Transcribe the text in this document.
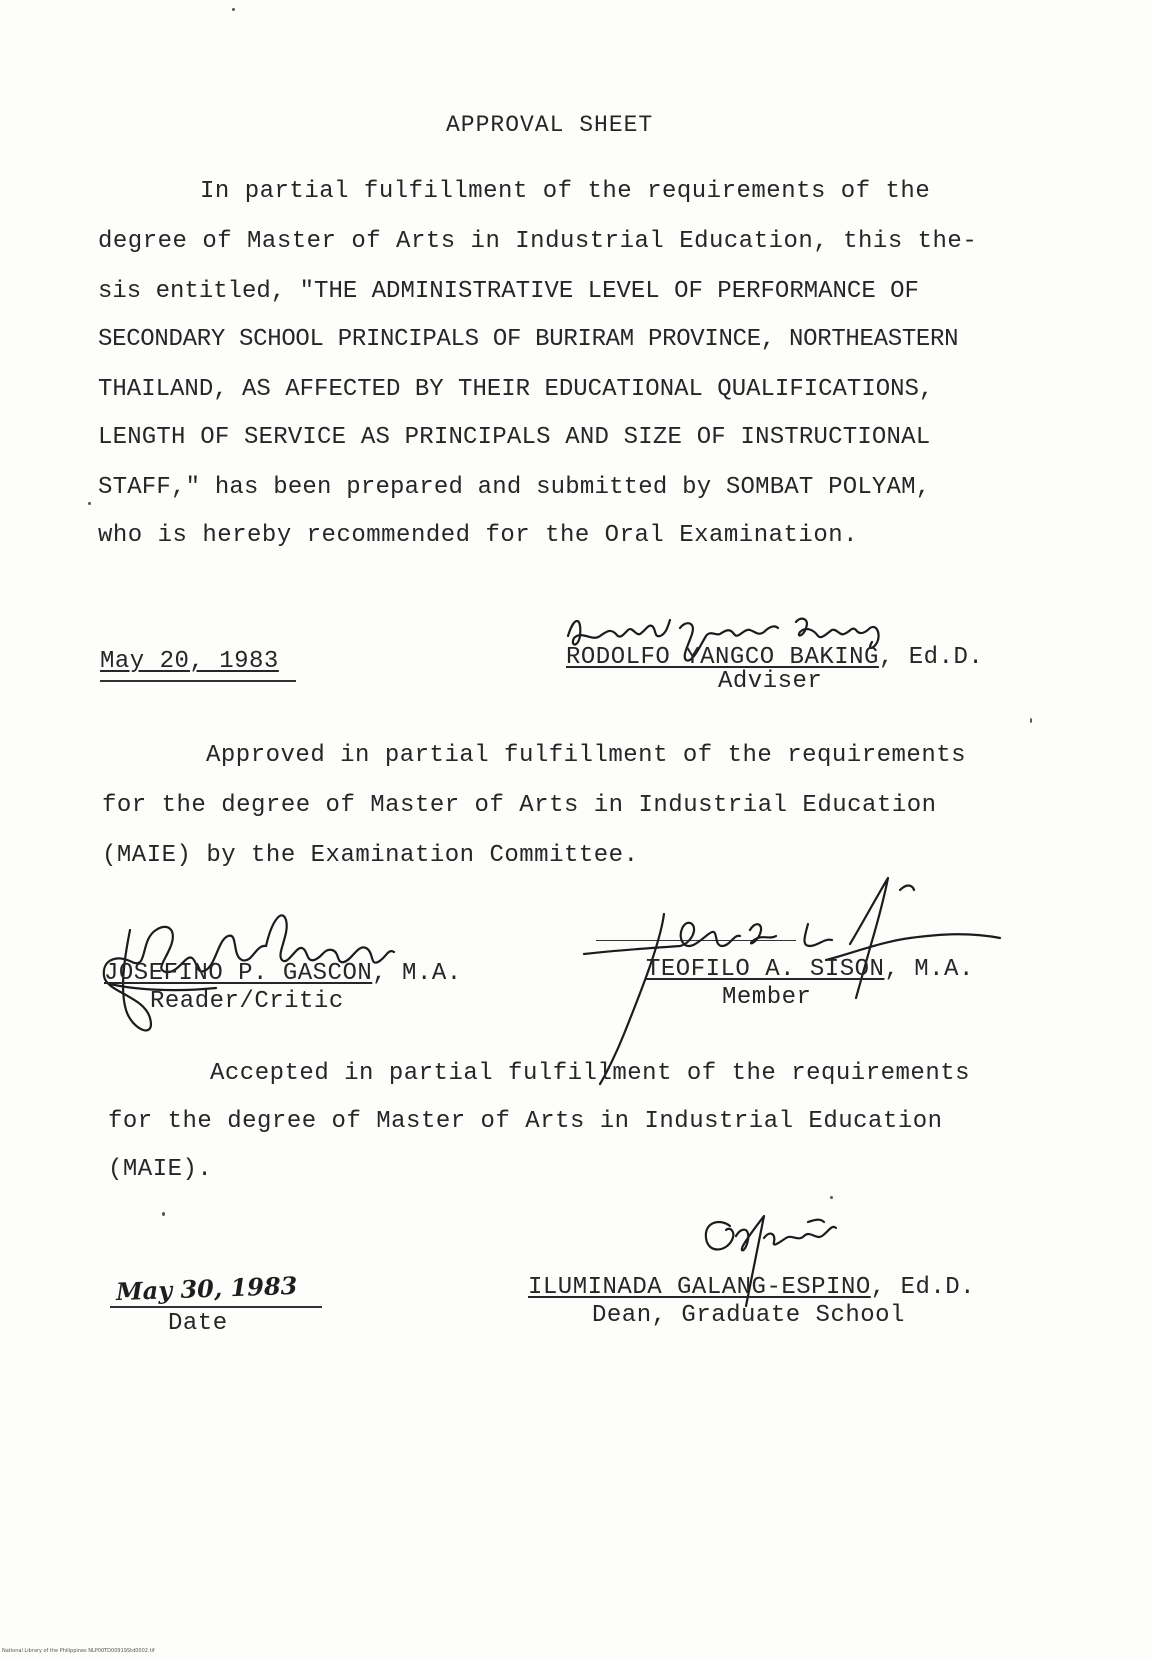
APPROVAL SHEET
In partial fulfillment of the requirements of the
degree of Master of Arts in Industrial Education, this the-
sis entitled, "THE ADMINISTRATIVE LEVEL OF PERFORMANCE OF
SECONDARY SCHOOL PRINCIPALS OF BURIRAM PROVINCE, NORTHEASTERN
THAILAND, AS AFFECTED BY THEIR EDUCATIONAL QUALIFICATIONS,
LENGTH OF SERVICE AS PRINCIPALS AND SIZE OF INSTRUCTIONAL
STAFF," has been prepared and submitted by SOMBAT POLYAM,
who is hereby recommended for the Oral Examination.
May 20, 1983	RODOLFO YANGCO BAKING, Ed.D.
Adviser
Approved in partial fulfillment of the requirements
for the degree of Master of Arts in Industrial Education
(MAIE) by the Examination Committee.
JOSEFINO P. GASCON, M.A.
Reader/Critic
TEOFILO A. SISON, M.A.
Member
Accepted in partial fulfillment of the requirements
for the degree of Master of Arts in Industrial Education
(MAIE).
May 30, 1983
Date
ILUMINADA GALANG-ESPINO, Ed.D.
Dean, Graduate School
National Library of the Philippines NLP00TD00919Std0002.tif
